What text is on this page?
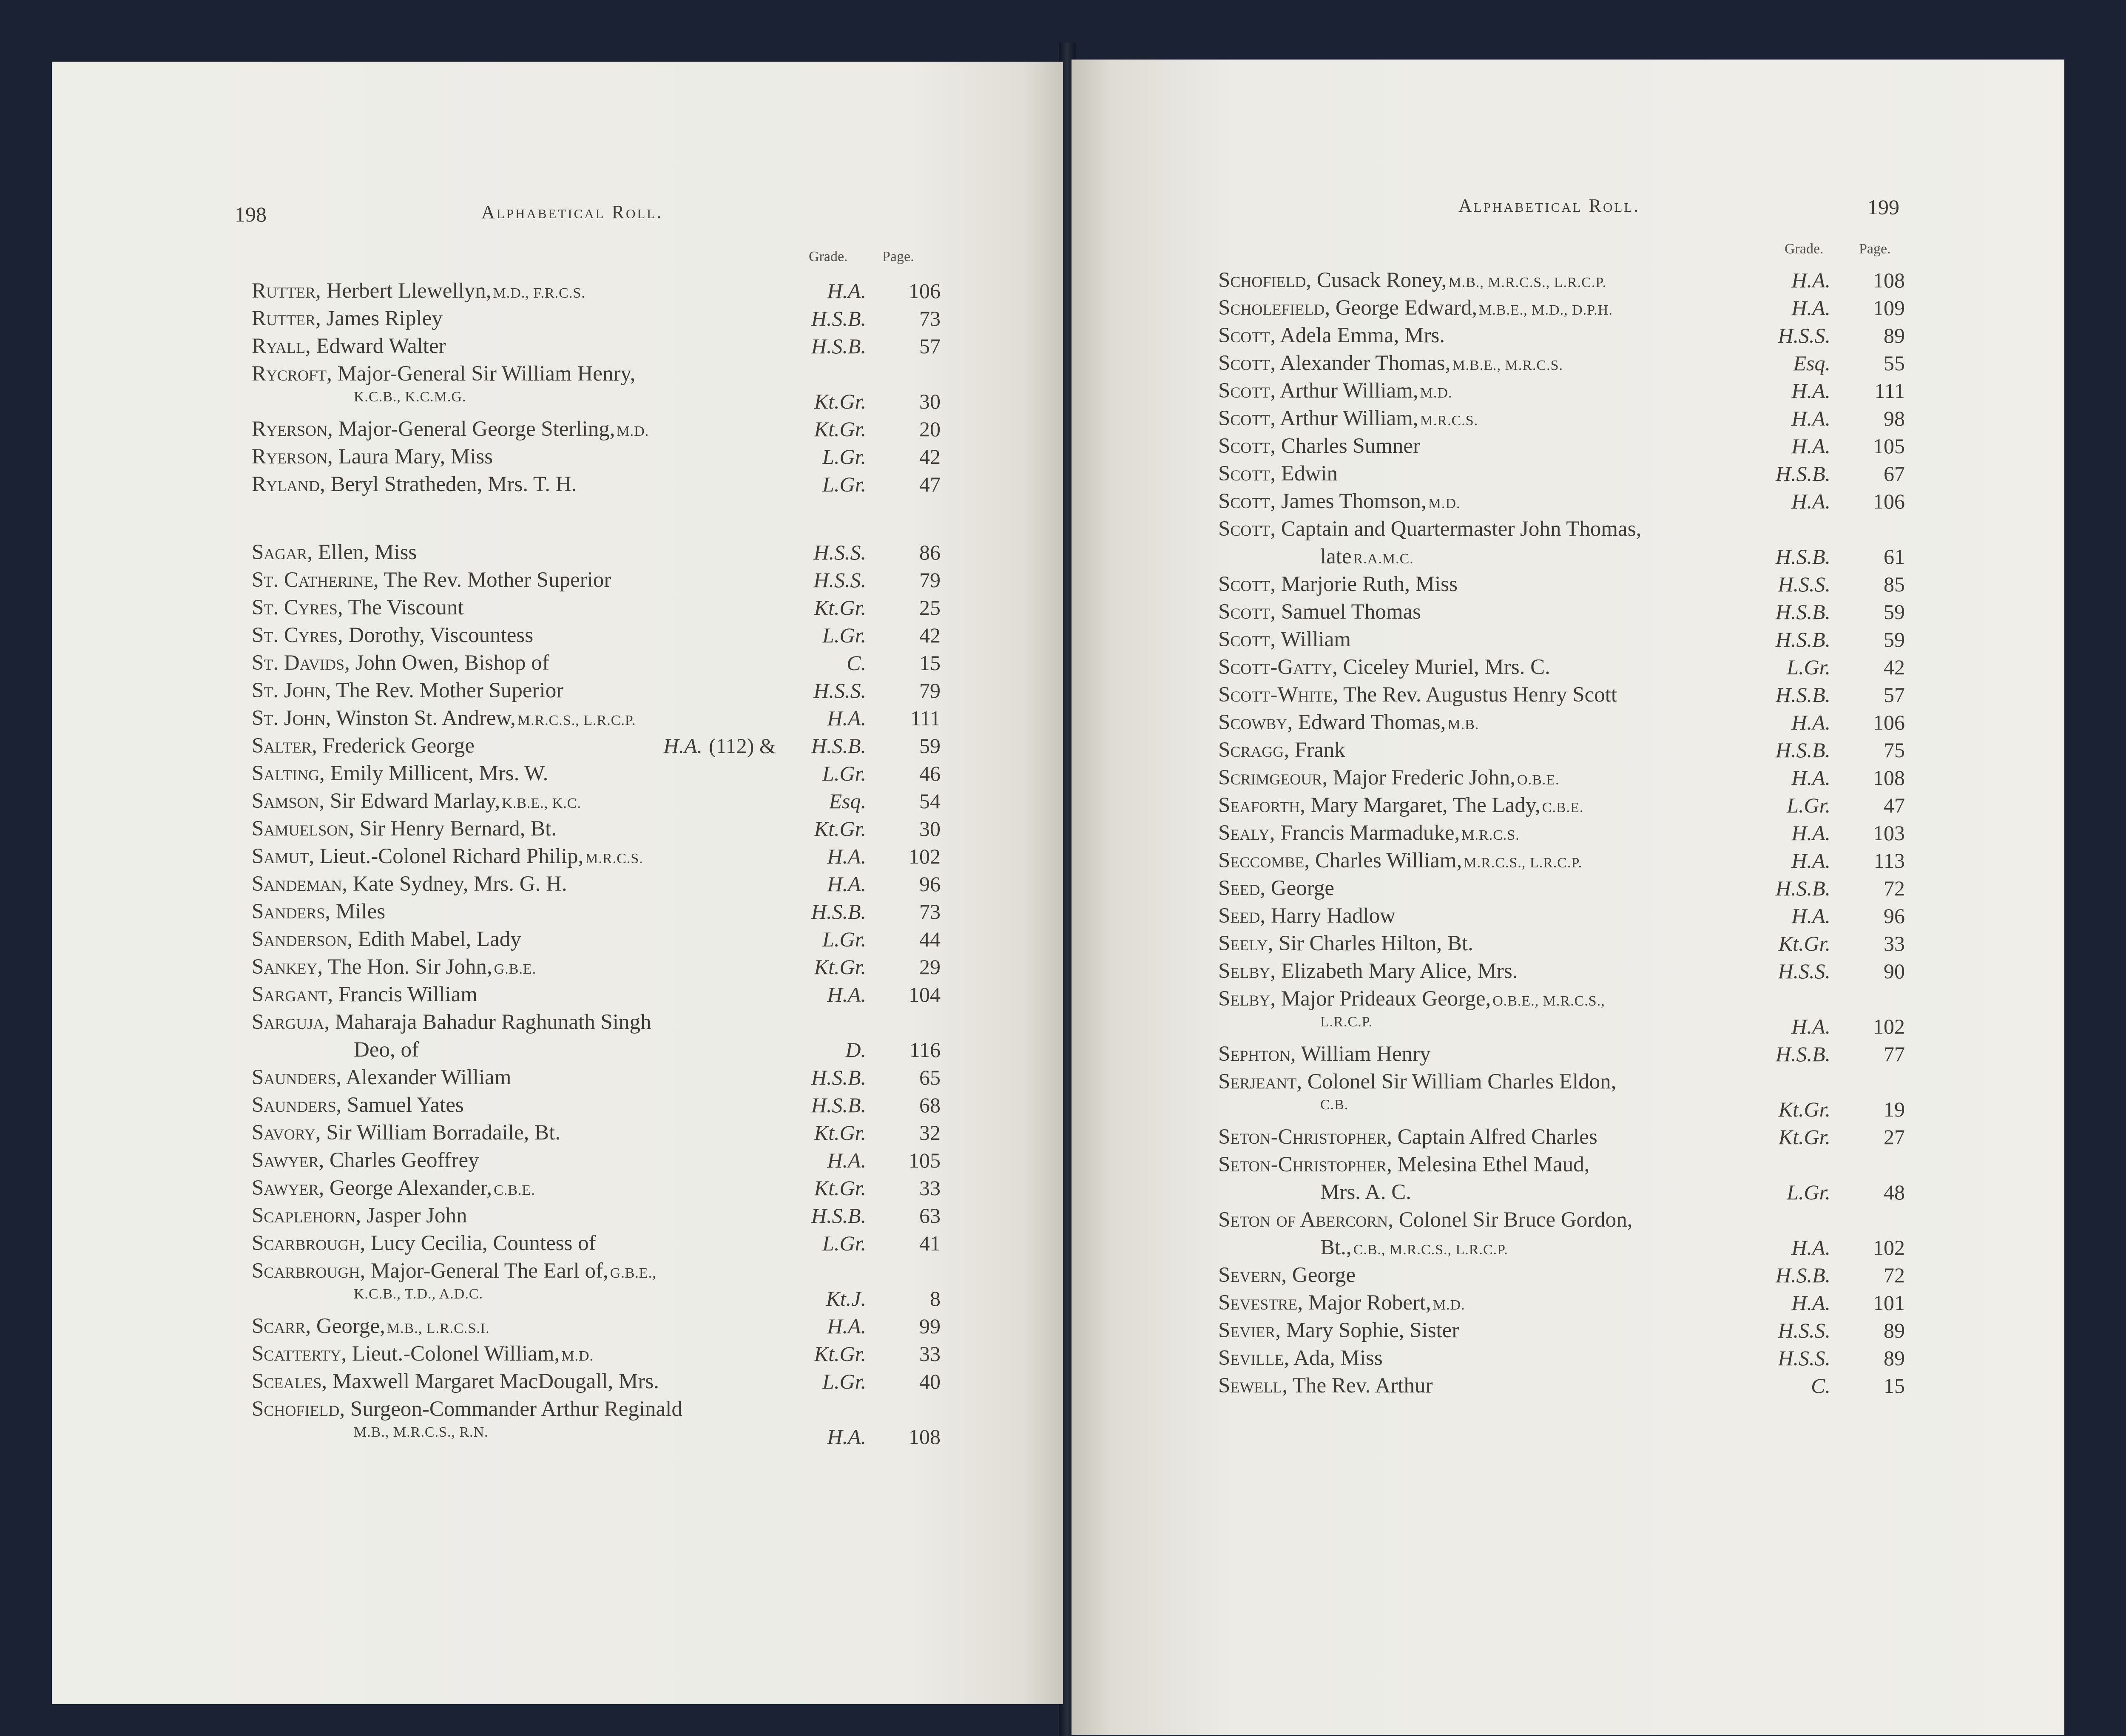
198	Alphabetical Roll.
Grade. Page.
Rutter, Herbert Llewellyn, M.D., F.R.C.S.	H.A. 106
Rutter, James Ripley	H.S.B.	73
Ryall, Edward Walter	H.S.B.	57
Rycroft, Major-General Sir William Henry,
K.C.B., K.C.M.G.	Kt.Gr.	30
Ryerson, Major-General George Sterling, M.D.	Kt.Gr.	20
Ryerson, Laura Mary, Miss	L.Gr.	42
Ryland, Beryl Stratheden, Mrs. T. H.	L.Gr.	47
Sagar, Ellen, Miss	H.S.S.	86
St. Catherine, The Rev. Mother Superior	H.S.S.	79
St. Cyres, The Viscount	Kt.Gr.	25
St. Cyres, Dorothy, Viscountess	L.Gr.	42
St. Davids, John Owen, Bishop of	C.	15
St. John, The Rev. Mother Superior	H.S.S.	79
St. John, Winston St. Andrew, M.R.C.S., L.R.C.P.	H.A. 111
Salter, Frederick George	H.A. (112) & H.S.B.	59
Salting, Emily Millicent, Mrs. W.	L.Gr.	46
Samson, Sir Edward Marlay, K.B.E., K.C.	Esq.	54
Samuelson, Sir Henry Bernard, Bt.	Kt.Gr.	30
Samut, Lieut.-Colonel Richard Philip, M.R.C.S.	H.A. 102
Sandeman, Kate Sydney, Mrs. G. H.	H.A.	96
Sanders, Miles	H.S.B.	73
Sanderson, Edith Mabel, Lady	L.Gr.	44
Sankey, The Hon. Sir John, G.B.E.	Kt.Gr.	29
Sargant, Francis William	H.A. 104
Sarguja, Maharaja Bahadur Raghunath Singh
Deo, of	D. 116
Saunders, Alexander William	H.S.B.	65
Saunders, Samuel Yates	H.S.B.	68
Savory, Sir William Borradaile, Bt.	Kt.Gr.	32
Sawyer, Charles Geoffrey	H.A. 105
Sawyer, George Alexander, C.B.E.	Kt.Gr.	33
Scaplehorn, Jasper John	H.S.B.	63
Scarbrough, Lucy Cecilia, Countess of	L.Gr.	41
Scarbrough, Major-General The Earl of, G.B.E.,
K.C.B., T.D., A.D.C.	Kt.J.	8
Scarr, George, M.B., L.R.C.S.I.	H.A.	99
Scatterty, Lieut.-Colonel William, M.D.	Kt.Gr.	33
Sceales, Maxwell Margaret MacDougall, Mrs.	L.Gr.	40
Schofield, Surgeon-Commander Arthur Reginald
M.B., M.R.C.S., R.N.	H.A. 108
Alphabetical Roll.	199
Grade. Page.
Schofield, Cusack Roney, M.B., M.R.C.S., L.R.C.P.	H.A. 108
Scholefield, George Edward, M.B.E., M.D., D.P.H.	H.A. 109
Scott, Adela Emma, Mrs.	H.S.S.	89
Scott, Alexander Thomas, M.B.E., M.R.C.S.	Esq.	55
Scott, Arthur William, M.D.	H.A. 111
Scott, Arthur William, M.R.C.S.	H.A.	98
Scott, Charles Sumner	H.A. 105
Scott, Edwin	H.S.B.	67
Scott, James Thomson, M.D.	H.A. 106
Scott, Captain and Quartermaster John Thomas,
late R.A.M.C.	H.S.B.	61
Scott, Marjorie Ruth, Miss	H.S.S.	85
Scott, Samuel Thomas	H.S.B.	59
Scott, William	H.S.B.	59
Scott-Gatty, Ciceley Muriel, Mrs. C.	L.Gr.	42
Scott-White, The Rev. Augustus Henry Scott	H.S.B.	57
Scowby, Edward Thomas, M.B.	H.A. 106
Scragg, Frank	H.S.B.	75
Scrimgeour, Major Frederic John, O.B.E.	H.A. 108
Seaforth, Mary Margaret, The Lady, C.B.E.	L.Gr.	47
Sealy, Francis Marmaduke, M.R.C.S.	H.A. 103
Seccombe, Charles William, M.R.C.S., L.R.C.P.	H.A. 113
Seed, George	H.S.B.	72
Seed, Harry Hadlow	H.A.	96
Seely, Sir Charles Hilton, Bt.	Kt.Gr.	33
Selby, Elizabeth Mary Alice, Mrs.	H.S.S.	90
Selby, Major Prideaux George, O.B.E., M.R.C.S.,
L.R.C.P.	H.A. 102
Sephton, William Henry	H.S.B.	77
Serjeant, Colonel Sir William Charles Eldon,
C.B.	Kt.Gr.	19
Seton-Christopher, Captain Alfred Charles	Kt.Gr.	27
Seton-Christopher, Melesina Ethel Maud,
Mrs. A. C.	L.Gr.	48
Seton of Abercorn, Colonel Sir Bruce Gordon,
Bt., C.B., M.R.C.S., L.R.C.P.	H.A. 102
Severn, George	H.S.B.	72
Sevestre, Major Robert, M.D.	H.A. 101
Sevier, Mary Sophie, Sister	H.S.S.	89
Seville, Ada, Miss	H.S.S.	89
Sewell, The Rev. Arthur	C.	15
